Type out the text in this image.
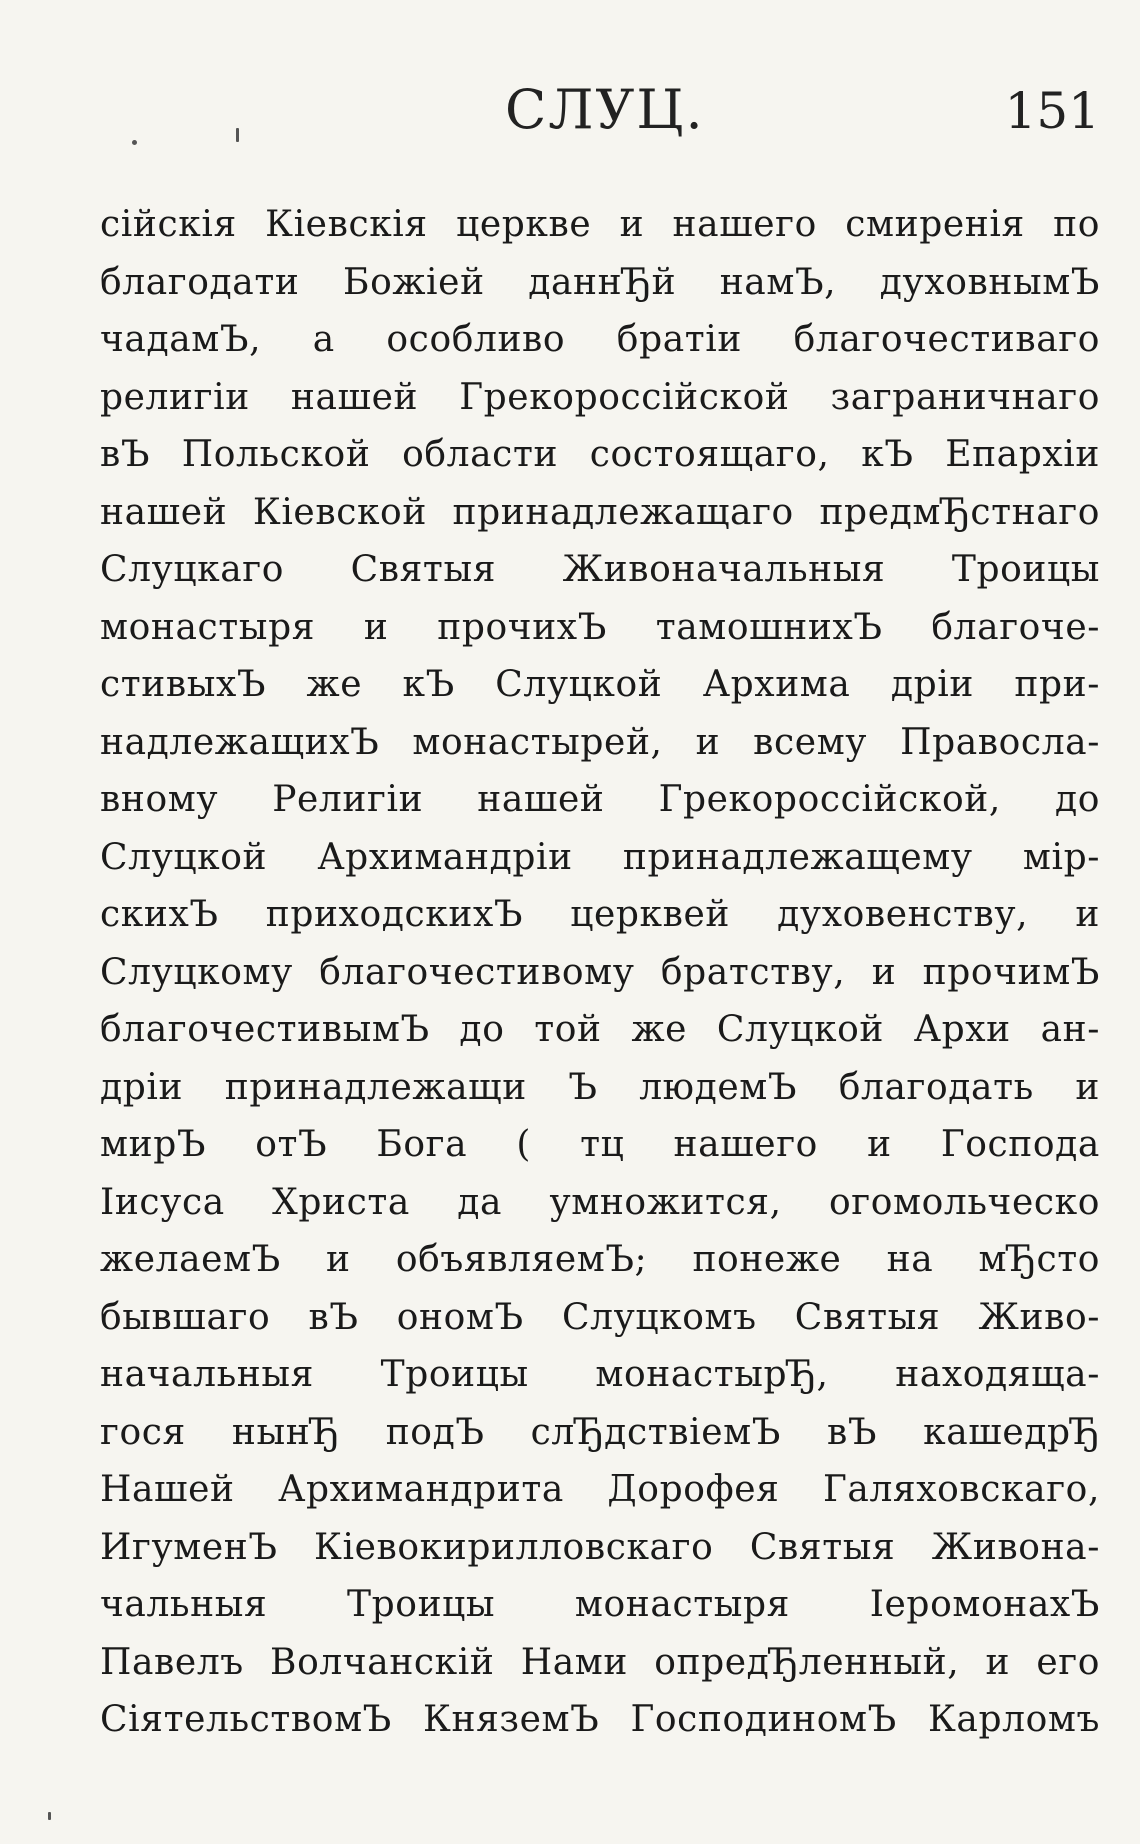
СЛУЦ.	151
сійскія Кіевскія церкве и нашего смиренія по
благодати Божіей даннЂй намЪ, духовнымЪ
чадамЪ, а особливо братіи благочестиваго
религіи нашей Грекороссійской заграничнаго
вЪ Польской области состоящаго, кЪ Епархіи
нашей Кіевской принадлежащаго предмЂстнаго
Слуцкаго Святыя Живоначальныя Троицы
монастыря и прочихЪ тамошнихЪ благоче-
стивыхЪ же кЪ Слуцкой Архима дріи при-
надлежащихЪ монастырей, и всему Правосла-
вному Религіи нашей Грекороссійской, до
Слуцкой Архимандріи принадлежащему мір-
скихЪ приходскихЪ церквей духовенству, и
Слуцкому благочестивому братству, и прочимЪ
благочестивымЪ до той же Слуцкой Архи ан-
дріи принадлежащи Ъ людемЪ благодать и
мирЪ отЪ Бога ( тц нашего и Господа
Іисуса Христа да умножится, огомольческо
желаемЪ и объявляемЪ; понеже на мЂсто
бывшаго вЪ ономЪ Слуцкомъ Святыя Живо-
начальныя Троицы монастырЂ, находяща-
гося нынЂ подЪ слЂдствіемЪ вЪ кашедрЂ
Нашей Архимандрита Дорофея Галяховскаго,
ИгуменЪ Кіевокирилловскаго Святыя Живона-
чальныя Троицы монастыря ІеромонахЪ
Павелъ Волчанскій Нами опредЂленный, и его
СіятельствомЪ КняземЪ ГосподиномЪ Карломъ
